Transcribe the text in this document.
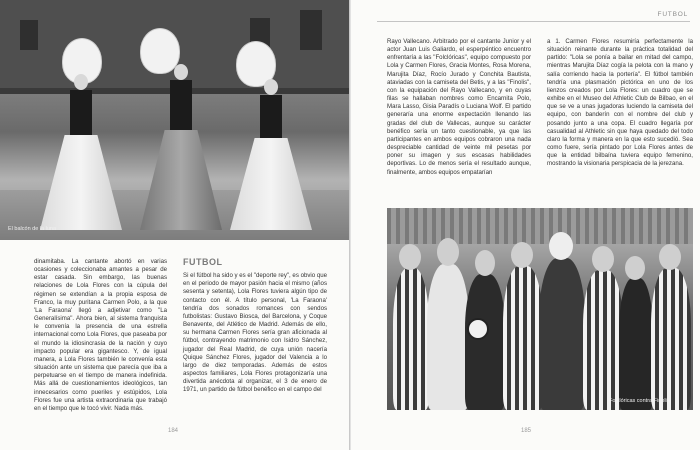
El balcón de la luna

dinamitaba. La cantante abortó en varias ocasiones y coleccionaba amantes a pesar de estar casada. Sin embargo, las buenas relaciones de Lola Flores con la cúpula del régimen se extendían a la propia esposa de Franco, la muy puritana Carmen Polo, a la que 'La Faraona' llegó a adjetivar como "La Generalísima". Ahora bien, al sistema franquista le convenía la presencia de una estrella internacional como Lola Flores, que paseaba por el mundo la idiosincrasia de la nación y cuyo impacto popular era gigantesco. Y, de igual manera, a Lola Flores también le convenía esta situación ante un sistema que parecía que iba a perpetuarse en el tiempo de manera indefinida. Más allá de cuestionamientos ideológicos, tan innecesarios como pueriles y estúpidos, Lola Flores fue una artista extraordinaria que trabajó en el tiempo que le tocó vivir. Nada más.

FUTBOL

Si el fútbol ha sido y es el "deporte rey", es obvio que en el periodo de mayor pasión hacia el mismo (años sesenta y setenta), Lola Flores tuviera algún tipo de contacto con él. A título personal, 'La Faraona' tendría dos sonados romances con sendos futbolistas: Gustavo Biosca, del Barcelona, y Coque Benavente, del Atlético de Madrid. Además de ello, su hermana Carmen Flores sería gran aficionada al fútbol, contrayendo matrimonio con Isidro Sánchez, jugador del Real Madrid, de cuya unión nacería Quique Sánchez Flores, jugador del Valencia a lo largo de diez temporadas. Además de estos aspectos familiares, Lola Flores protagonizaría una divertida anécdota al organizar, el 3 de enero de 1971, un partido de fútbol benéfico en el campo del

184
FUTBOL

Rayo Vallecano. Arbitrado por el cantante Junior y el actor Juan Luis Galiardo, el esperpéntico encuentro enfrentaría a las "Folclóricas", equipo compuesto por Lola y Carmen Flores, Gracia Montes, Rosa Morena, Marujita Díaz, Rocío Jurado y Conchita Bautista, ataviadas con la camiseta del Betis, y a las "Finolis", con la equipación del Rayo Vallecano, y en cuyas filas se hallaban nombres como Encarnita Polo, Mara Lasso, Gisia Paradís o Luciana Wolf. El partido generaría una enorme expectación llenando las gradas del club de Vallecas, aunque su carácter benéfico sería un tanto cuestionable, ya que las participantes en ambos equipos cobraron una nada despreciable cantidad de veinte mil pesetas por poner su imagen y sus escasas habilidades deportivas. Lo de menos sería el resultado aunque, finalmente, ambos equipos empatarían

a 1. Carmen Flores resumiría perfectamente la situación reinante durante la práctica totalidad del partido: "Lola se ponía a bailar en mitad del campo, mientras Marujita Díaz cogía la pelota con la mano y salía corriendo hacia la portería". El fútbol también tendría una plasmación pictórica en uno de los lienzos creados por Lola Flores: un cuadro que se exhibe en el Museo del Athletic Club de Bilbao, en el que se ve a unas jugadoras luciendo la camiseta del equipo, con banderín con el nombre del club y posando junto a una copa. El cuadro llegaría por casualidad al Athletic sin que haya quedado del todo claro la forma y manera en la que esto sucedió. Sea como fuere, sería pintado por Lola Flores antes de que la entidad bilbaína tuviera equipo femenino, mostrando la visionaria perspicacia de la jerezana.

Folclóricas contra Finolis
185
